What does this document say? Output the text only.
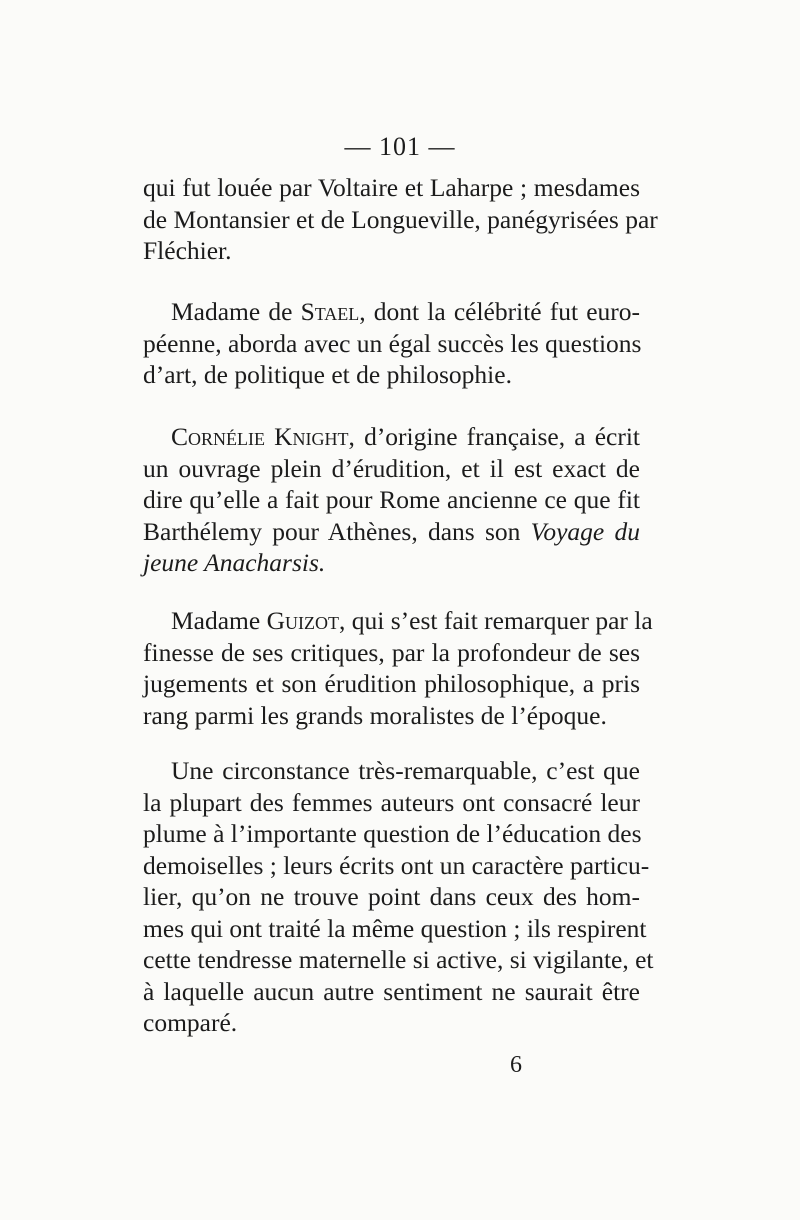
— 101 —
qui fut louée par Voltaire et Laharpe ; mesdames
de Montansier et de Longueville, panégyrisées par
Fléchier.
Madame de Stael, dont la célébrité fut euro-
péenne, aborda avec un égal succès les questions
d’art, de politique et de philosophie.
Cornélie Knight, d’origine française, a écrit
un ouvrage plein d’érudition, et il est exact de
dire qu’elle a fait pour Rome ancienne ce que fit
Barthélemy pour Athènes, dans son Voyage du
jeune Anacharsis.
Madame Guizot, qui s’est fait remarquer par la
finesse de ses critiques, par la profondeur de ses
jugements et son érudition philosophique, a pris
rang parmi les grands moralistes de l’époque.
Une circonstance très-remarquable, c’est que
la plupart des femmes auteurs ont consacré leur
plume à l’importante question de l’éducation des
demoiselles ; leurs écrits ont un caractère particu-
lier, qu’on ne trouve point dans ceux des hom-
mes qui ont traité la même question ; ils respirent
cette tendresse maternelle si active, si vigilante, et
à laquelle aucun autre sentiment ne saurait être
comparé.
6
